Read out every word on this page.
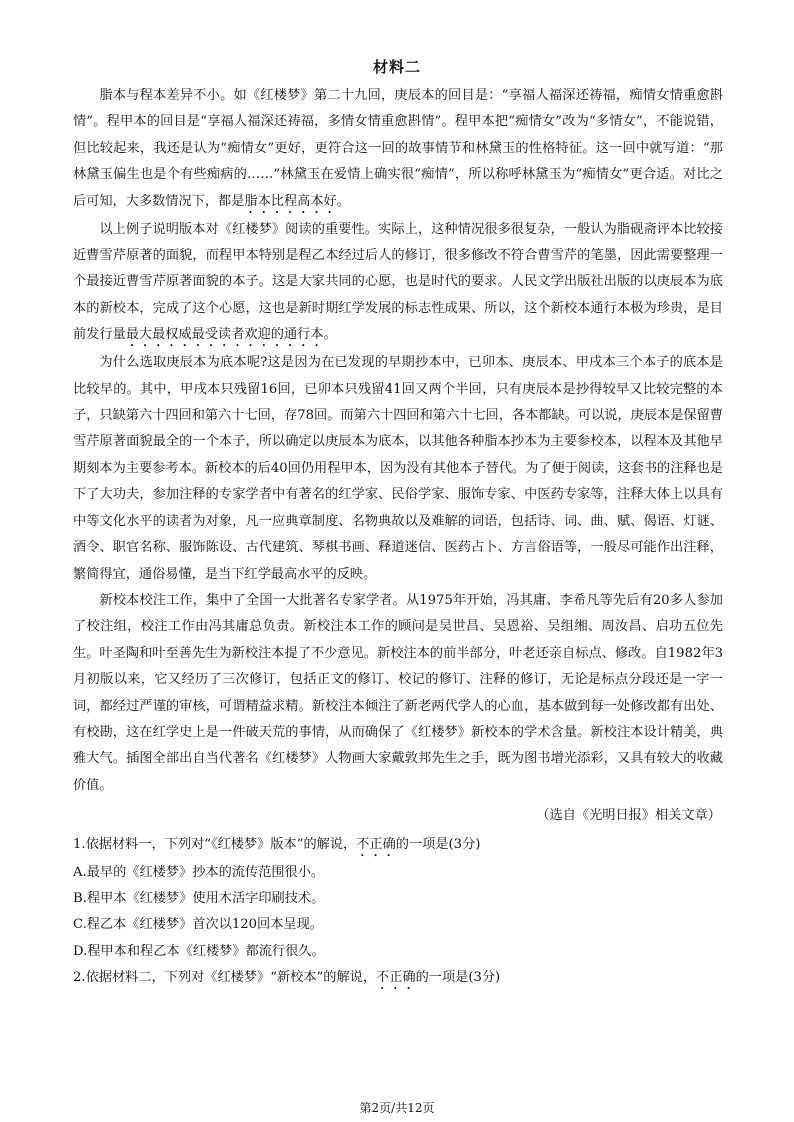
材料二

脂本与程本差异不小。如《红楼梦》第二十九回，庚辰本的回目是：“享福人福深还祷福，痴情女情重愈斟情”。程甲本的回目是“享福人福深还祷福，多情女情重愈斟情”。程甲本把“痴情女”改为“多情女”，不能说错，但比较起来，我还是认为“痴情女”更好，更符合这一回的故事情节和林黛玉的性格特征。这一回中就写道：“那林黛玉偏生也是个有些痴病的……”林黛玉在爱情上确实很“痴情”，所以称呼林黛玉为“痴情女”更合适。对比之后可知，大多数情况下，都是脂本比程高本好。

以上例子说明版本对《红楼梦》阅读的重要性。实际上，这种情况很多很复杂，一般认为脂砚斋评本比较接近曹雪芹原著的面貌，而程甲本特别是程乙本经过后人的修订，很多修改不符合曹雪芹的笔墨，因此需要整理一个最接近曹雪芹原著面貌的本子。这是大家共同的心愿，也是时代的要求。人民文学出版社出版的以庚辰本为底本的新校本，完成了这个心愿，这也是新时期红学发展的标志性成果、所以，这个新校本通行本极为珍贵，是目前发行量最大最权威最受读者欢迎的通行本。

为什么选取庚辰本为底本呢?这是因为在已发现的早期抄本中，已卯本、庚辰本、甲戌本三个本子的底本是比较早的。其中，甲戌本只残留16回，已卯本只残留41回又两个半回，只有庚辰本是抄得较早又比较完整的本子，只缺第六十四回和第六十七回，存78回。而第六十四回和第六十七回，各本都缺。可以说，庚辰本是保留曹雪芹原著面貌最全的一个本子，所以确定以庚辰本为底本，以其他各种脂本抄本为主要参校本，以程本及其他早期刻本为主要参考本。新校本的后40回仍用程甲本，因为没有其他本子替代。为了便于阅读，这套书的注释也是下了大功夫，参加注释的专家学者中有著名的红学家、民俗学家、服饰专家、中医药专家等，注释大体上以具有中等文化水平的读者为对象，凡一应典章制度、名物典故以及难解的词语，包括诗、词、曲、赋、偈语、灯谜、酒令、职官名称、服饰陈设、古代建筑、琴棋书画、释道迷信、医药占卜、方言俗语等，一般尽可能作出注释，繁简得宜，通俗易懂，是当下红学最高水平的反映。

新校本校注工作，集中了全国一大批著名专家学者。从1975年开始，冯其庸、李希凡等先后有20多人参加了校注组，校注工作由冯其庸总负责。新校注本工作的顾问是吴世昌、吴恩裕、吴组缃、周汝昌、启功五位先生。叶圣陶和叶至善先生为新校注本提了不少意见。新校注本的前半部分，叶老还亲自标点、修改。自1982年3月初版以来，它又经历了三次修订，包括正文的修订、校记的修订、注释的修订，无论是标点分段还是一字一词，都经过严谨的审核，可谓精益求精。新校注本倾注了新老两代学人的心血，基本做到每一处修改都有出处、有校勘，这在红学史上是一件破天荒的事情，从而确保了《红楼梦》新校本的学术含量。新校注本设计精美，典雅大气。插图全部出自当代著名《红楼梦》人物画大家戴敦邦先生之手，既为图书增光添彩，又具有较大的收藏价值。

（选自《光明日报》相关文章）
1.依据材料一，下列对“《红楼梦》版本”的解说，不正确的一项是(3分)
A.最早的《红楼梦》抄本的流传范围很小。
B.程甲本《红楼梦》使用木活字印刷技术。
C.程乙本《红楼梦》首次以120回本呈现。
D.程甲本和程乙本《红楼梦》都流行很久。
2.依据材料二，下列对《红楼梦》“新校本”的解说，不正确的一项是(3分)
第2页/共12页
